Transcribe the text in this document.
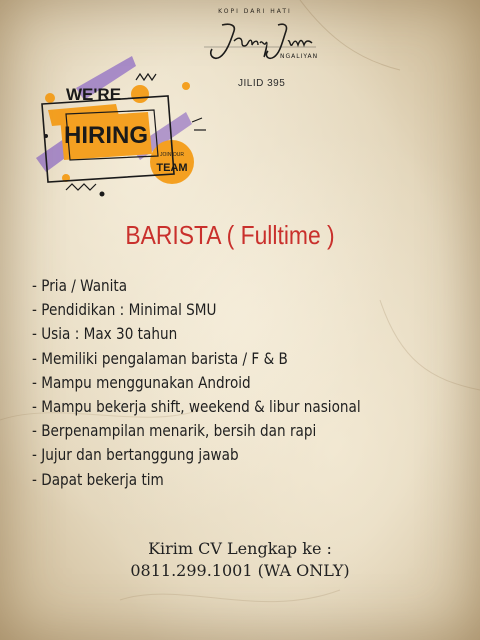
KOPI DARI HATI
NGALIYAN
JILID 395
WE'RE
HIRING
JOIN OUR
TEAM
BARISTA ( Fulltime )
- Pria / Wanita
- Pendidikan : Minimal SMU
- Usia : Max 30 tahun
- Memiliki pengalaman barista / F & B
- Mampu menggunakan Android
- Mampu bekerja shift, weekend & libur nasional
- Berpenampilan menarik, bersih dan rapi
- Jujur dan bertanggung jawab
- Dapat bekerja tim
Kirim CV Lengkap ke :
0811.299.1001 (WA ONLY)
